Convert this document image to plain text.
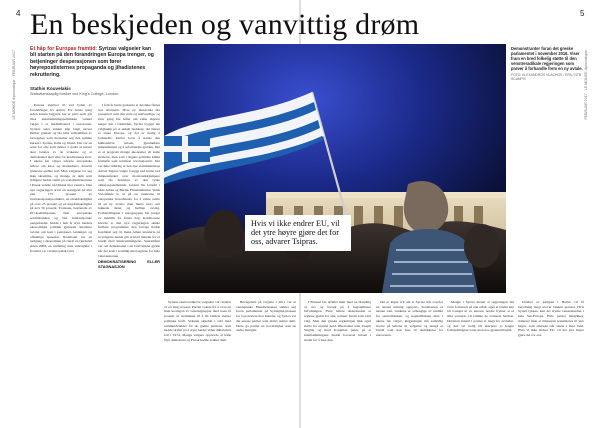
4	5
LE MONDE diplomatique · FEBRUAR 2017	FEBRUAR 2017 · LE MONDE diplomatique
En beskjeden og vanvittig drøm
Et håp for Europas framtid: Syrizas valgseier kan bli starten på den forandringen Europa trenger, og betjeninger desperasjonen som fører høyrepostisternes propaganda og jihadistenes rekruttering.
Stathis Kouvelakis
Statsvitenskaplig forsker ved King's College, London
Demonstranter foran det greske parlamentet i november 2016. Viser fram en bred folkelig støtte til den venstreradikale regjeringen som prøver å forhandle frem en ny avtale.
FOTO: ALEXANDROS VLACHOS / EPA / NTB SCANPIX
Hvis vi ikke endrer EU, vil det ytre høyre gjøre det for oss, advarer Tsipras.
Europa skjelvet til ved lyden av forandringer fra Athen. For første gang siden krisen begynte har et parti som går imot innstrammingspolitikken vunnet valget i et medlemsland i eurosonen. Syrizas seier vekket håp langt utover Hellas' grenser og ble hilst velkommen av bevegelser som motsetter seg den samme kursen i Spania, Italia og Irland. Det var en seier for alle som nekter å godta at krisen skal betales av de svakeste og at demokratiet skal vike for kreditorenes krav. I ukene før valget advarte europeiske ledere om kaos og markedsuro dersom grekerne stemte feil. Men velgerne lot seg ikke skremme, og mange av dem som tidligere hadde stemt på sosialdemokratene i Pasok vendte nå blikket mot venstre. Den nye regjeringen arvet en statsgjeld på mer enn 175 prosent av bruttonasjonalproduktet, en arbeidsledighet på over 25 prosent og en ungdomsledighet på nær 50 prosent. Troikaen, bestående av EU-kommisjonen, Den europeiske sentralbanken og Det internasjonale pengefondet, hadde i fem år styrt landets økonomiske politikk gjennom detaljerte avtaler om kutt i pensjoner, lønninger og offentlige tjenester. Resultatet var en nedgang i økonomien på rundt en fjerdedel siden 2008, en utvikling uten sidestykke i fredstid i et vesteuropeisk land.
I fem år hørte grekerne at det ikke fantes noe alternativ. Hver ny låneavtale ble presentert som den siste og nødvendige, og hver gang ble løftet om vekst skjøvet lenger inn i framtiden. Syriza bygget sin valgkamp på et enkelt budskap: det finnes et annet Europa, og det er mulig å forhandle. Partiet lovet å stanse den humanitære krisen, gjeninnføre minstelønnen og å reforhandle gjelden. Det er et program mange økonomer vil kalle moderat, men som i dagens politiske klima framstår som nærmest revolusionært. Det var ikke tilfeldig at den nye statsministeren Alexis Tsipras valgte å legge ned krans ved minnesmerket over motstandskjempere som ble henrettet av den tyske okkupasjonsmakten. Gesten ble forstått i både Athen og Berlin. Finansminister Yanis Varoufakis la ut på en rundreise til europeiske hovedsteder for å vinne støtte til en ny avtale, men møtte stort sett lukkede dører og høflige avslag. Forhandlingene i eurogruppen ble preget av mistillit fra første dag. Kreditorene krevde at den nye regjeringen skulle fullføre programmet den forrige hadde forpliktet seg til, mens Athen insisterte på at velgerne hadde gitt et klart mandat for et brudd med innstrammingene. Spørsmålet var om demokratiet i ett land kunne gjelde når det kom i konflikt med reglene for hele valutaunionen.
DEMOKRATISERING ELLER STAGNASJON
Syrizas ekstraordinære valgseier var resultat av en lang prosess. Partiet vokste fra å være en liten koalisjon av venstregrupper med noen få prosent av stemmene til å bli landets største politiske kraft. Veksten skjedde i takt med sammenbruddet for de gamle partiene, som hadde skiftet på å styre landet siden diktaturets fall i 1974. Mange velgere opplevde at både Nytt demokrati og Pasok hadde sviktet dem.
Bevegelsen på torgene i 2011 var et vendepunkt. Hundretusener samlet seg foran parlamentet på Syntagma-plassen for å protestere mot kuttene, og Syriza var det eneste partiet som aktivt støttet dem. Dette ga partiet en troverdighet som de andre manglet.
I Brussel ble utfallet møtt med en blanding av uro og forsøk på å bagatellisere betydningen. Flere ledere understreket at reglene gjaldt for alle, uansett hvem som vant valg. Men den greske regjeringen fikk også støtte fra uventet hold. Økonomer som Joseph Stiglitz og Paul Krugman pekte på at innstrammingene hadde forverret krisen i stedet for å løse den.
Det er ingen tvil om at Syriza står overfor en nesten umulig oppgave. Statskassen er nesten tom, bankene er avhengige av nødlån fra sentralbanken, og kapitalflukten økte i ukene før valget. Regjeringen må samtidig levere på løftene til velgerne og unngå et brudd som kan føre til utelukkelse fra eurosonen.
Mange i Syriza mener at regjeringen må være forberedt på alle utfall, også at landet kan bli tvunget ut av euroen. Andre frykter at et slikt scenario vil ramme de svakeste hardest. Debatten internt i partiet er langt fra avsluttet, og den vil trolig bli skarpere jo lengre forhandlingene varer uten noe gjennombrudd.
Utfallet av kampen i Hellas vil få betydning langt utover landets grenser. Hvis Syriza lykkes, kan det styrke venstrekrefter i hele Sør-Europa. Hvis partiet mislykkes, risikerer man at misnøyen kanaliseres til ytre høyre, som allerede står sterkt i flere land. Hvis vi ikke endrer EU, vil det ytre høyre gjøre det for oss.
